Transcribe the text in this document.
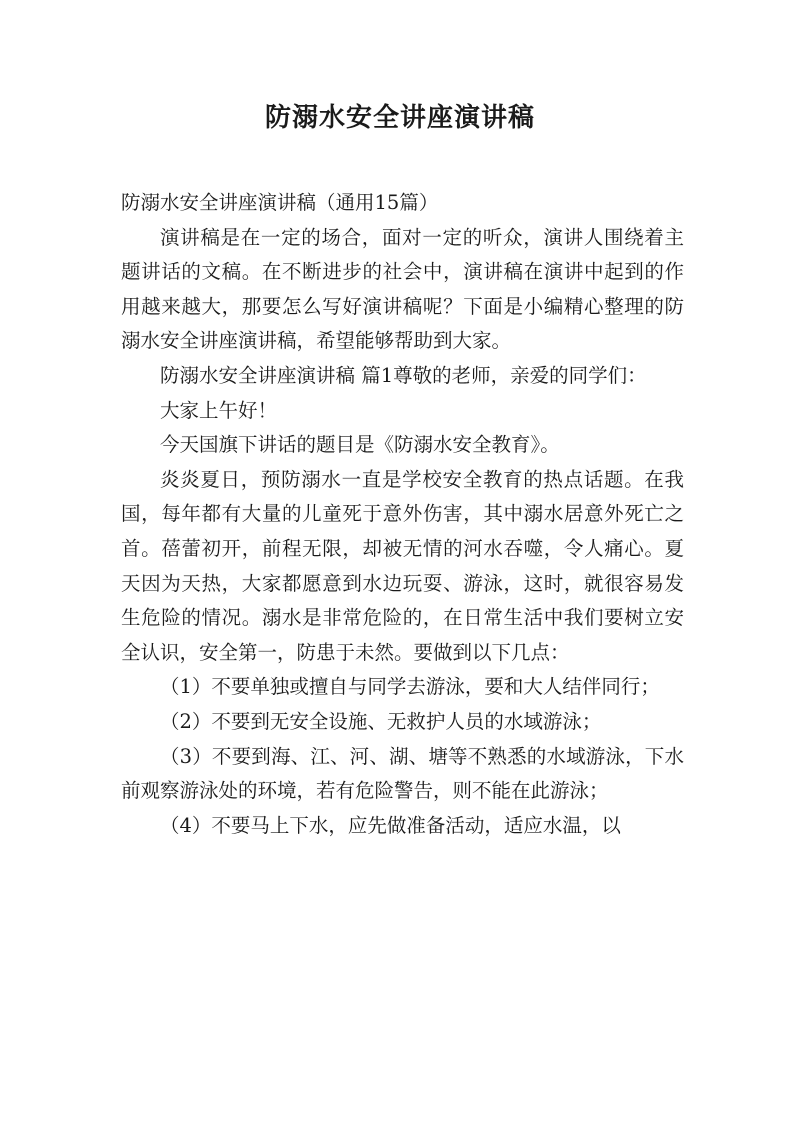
防溺水安全讲座演讲稿

防溺水安全讲座演讲稿（通用15篇）

演讲稿是在一定的场合，面对一定的听众，演讲人围绕着主题讲话的文稿。在不断进步的社会中，演讲稿在演讲中起到的作用越来越大，那要怎么写好演讲稿呢？下面是小编精心整理的防溺水安全讲座演讲稿，希望能够帮助到大家。

防溺水安全讲座演讲稿 篇1尊敬的老师，亲爱的同学们：

大家上午好！

今天国旗下讲话的题目是《防溺水安全教育》。

炎炎夏日，预防溺水一直是学校安全教育的热点话题。在我国，每年都有大量的儿童死于意外伤害，其中溺水居意外死亡之首。蓓蕾初开，前程无限，却被无情的河水吞噬，令人痛心。夏天因为天热，大家都愿意到水边玩耍、游泳，这时，就很容易发生危险的情况。溺水是非常危险的，在日常生活中我们要树立安全认识，安全第一，防患于未然。要做到以下几点：

（1）不要单独或擅自与同学去游泳，要和大人结伴同行；

（2）不要到无安全设施、无救护人员的水域游泳；

（3）不要到海、江、河、湖、塘等不熟悉的水域游泳，下水前观察游泳处的环境，若有危险警告，则不能在此游泳；

（4）不要马上下水，应先做准备活动，适应水温，以
